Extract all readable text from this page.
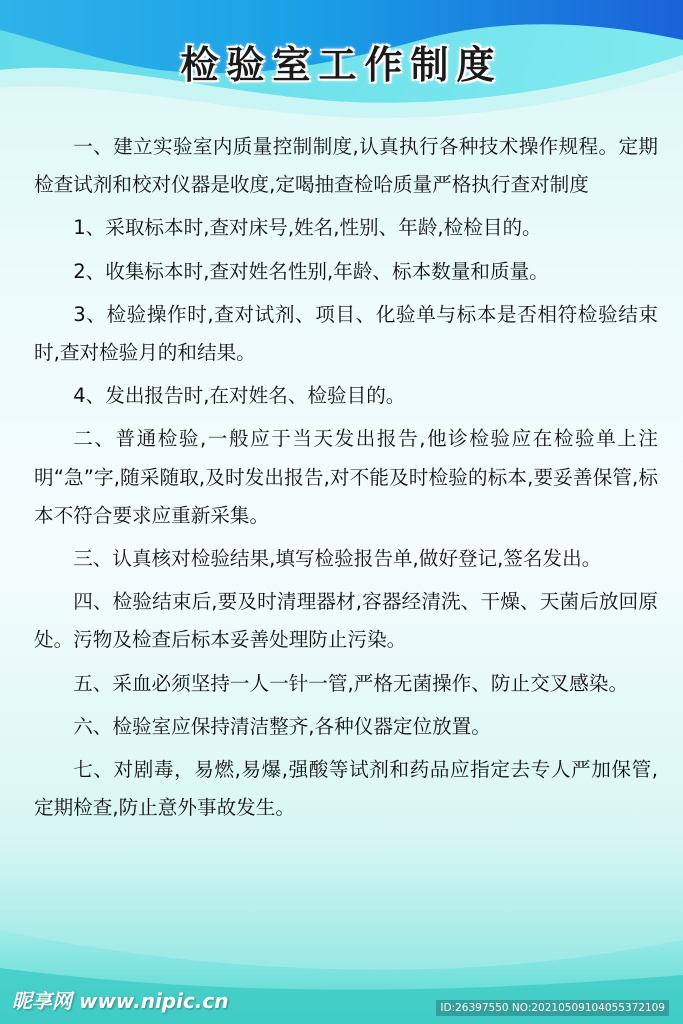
检验室工作制度

一、建立实验室内质量控制制度,认真执行各种技术操作规程。定期检查试剂和校对仪器是收度,定喝抽查检哈质量严格执行查对制度

1、采取标本时,查对床号,姓名,性别、年龄,检检目的。

2、收集标本时,查对姓名性别,年龄、标本数量和质量。

3、检验操作时,查对试剂、项目、化验单与标本是否相符检验结束时,查对检验月的和结果。

4、发出报告时,在对姓名、检验目的。

二、普通检验,一般应于当天发出报告,他诊检验应在检验单上注明“急”字,随采随取,及时发出报告,对不能及时检验的标本,要妥善保管,标本不符合要求应重新采集。

三、认真核对检验结果,填写检验报告单,做好登记,签名发出。

四、检验结束后,要及时清理器材,容器经清洗、干燥、天菌后放回原处。污物及检查后标本妥善处理防止污染。

五、采血必须坚持一人一针一管,严格无菌操作、防止交叉感染。

六、检验室应保持清洁整齐,各种仪器定位放置。

七、对剧毒，易燃,易爆,强酸等试剂和药品应指定去专人严加保管,定期检查,防止意外事故发生。

昵享网 www.nipic.cn	ID:26397550 NO:20210509104055372109
